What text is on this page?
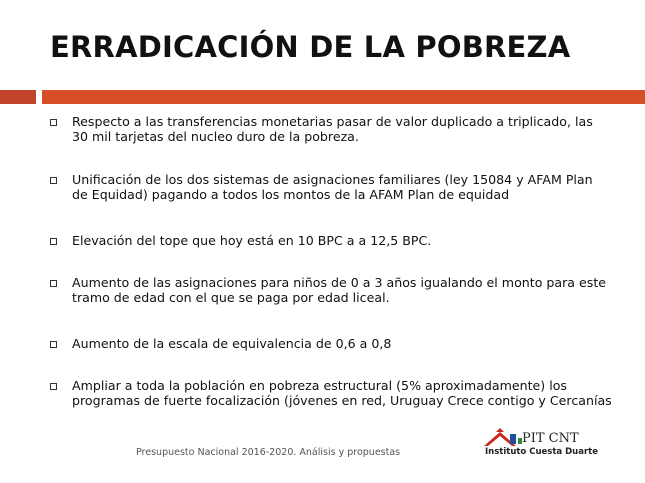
ERRADICACIÓN DE LA POBREZA
Respecto a las transferencias monetarias pasar de valor duplicado a triplicado, las 30 mil tarjetas del nucleo duro de la pobreza.
Unificación de los dos sistemas de asignaciones familiares (ley 15084 y AFAM Plan de Equidad) pagando a todos los montos de la AFAM Plan de equidad
Elevación del tope que hoy está en 10 BPC a a 12,5 BPC.
Aumento de las asignaciones para niños de 0 a 3 años igualando el monto para este tramo de edad con el que se paga por edad liceal.
Aumento de la escala de equivalencia de 0,6 a 0,8
Ampliar a toda la población en pobreza estructural (5% aproximadamente) los programas de fuerte focalización (jóvenes en red, Uruguay Crece contigo y Cercanías
Presupuesto Nacional 2016-2020. Análisis y propuestas
PIT CNT
Instituto Cuesta Duarte
